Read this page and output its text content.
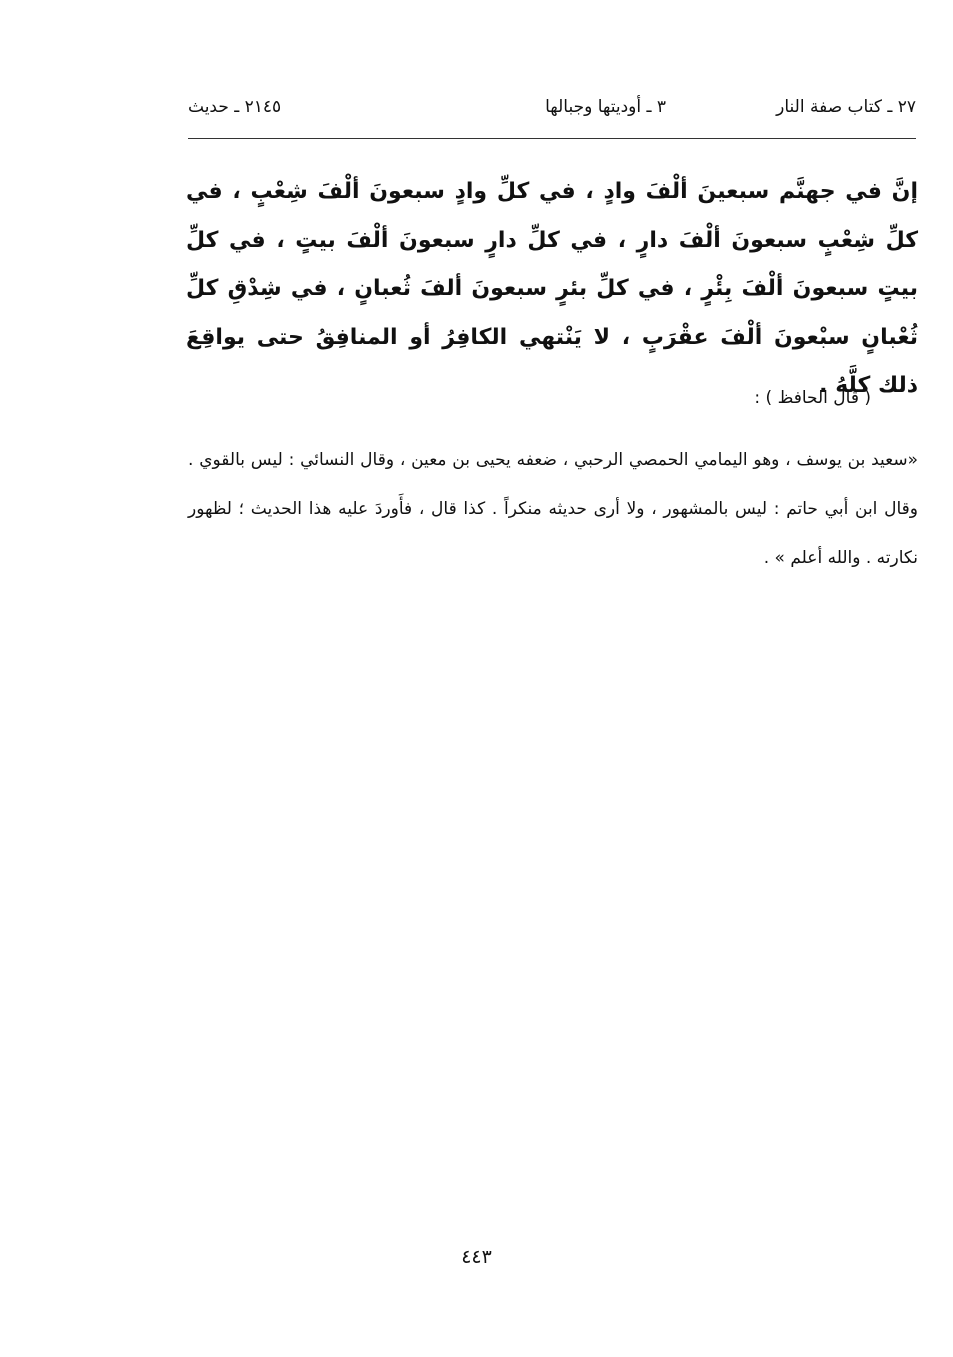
٢٧ ـ كتاب صفة النار
٣ ـ أوديتها وجبالها
٢١٤٥ ـ حديث
إنَّ في جهنَّم سبعينَ ألْفَ وادٍ ، في كلِّ وادٍ سبعونَ ألْفَ شِعْبٍ ، في كلِّ شِعْبٍ سبعونَ ألْفَ دارٍ ، في كلِّ دارٍ سبعونَ ألْفَ بيتٍ ، في كلِّ بيتٍ سبعونَ ألْفَ بِئْرٍ ، في كلِّ بئرٍ سبعونَ ألفَ ثُعبانٍ ، في شِدْقِ كلِّ ثُعْبانٍ سبْعونَ ألْفَ عقْرَبٍ ، لا يَنْتهي الكافِرُ أو المنافِقُ حتى يواقِعَ ذلك كلَّهُ .
( قال الحافظ ) :
«سعيد بن يوسف ، وهو اليمامي الحمصي الرحبي ، ضعفه يحيى بن معين ، وقال النسائي : ليس بالقوي . وقال ابن أبي حاتم : ليس بالمشهور ، ولا أرى حديثه منكراً . كذا قال ، فأَوردَ عليه هذا الحديث ؛ لظهور نكارته . والله أعلم » .
٤٤٣
